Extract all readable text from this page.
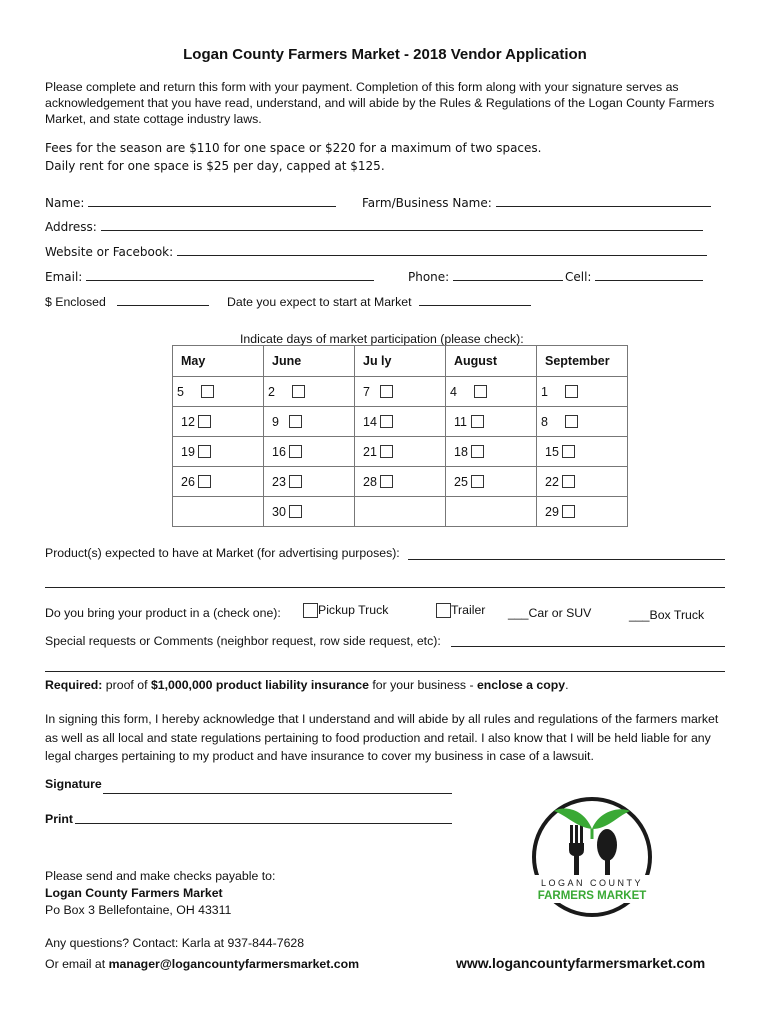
Logan County Farmers Market - 2018 Vendor Application
Please complete and return this form with your payment. Completion of this form along with your signature serves as acknowledgement that you have read, understand, and will abide by the Rules & Regulations of the Logan County Farmers Market, and state cottage industry laws.
Fees for the season are $110 for one space or $220 for a maximum of two spaces.
Daily rent for one space is $25 per day, capped at $125.
Name:	Farm/Business Name:
Address:
Website or Facebook:
Email:	Phone:	Cell:
$ Enclosed	Date you expect to start at Market
Indicate days of market participation (please check):
May	June	Ju ly	August	September
5	2	7	4	1
12	9	14	11	8
19	16	21	18	15
26	23	28	25	22
	30			29
Product(s) expected to have at Market (for advertising purposes):
Do you bring your product in a (check one):	Pickup Truck	Trailer ___Car or SUV	___Box Truck
Special requests or Comments (neighbor request, row side request, etc):
Required: proof of $1,000,000 product liability insurance for your business - enclose a copy.
In signing this form, I hereby acknowledge that I understand and will abide by all rules and regulations of the farmers market as well as all local and state regulations pertaining to food production and retail. I also know that I will be held liable for any legal charges pertaining to my product and have insurance to cover my business in case of a lawsuit.
Signature
Print
LOGAN COUNTY
FARMERS MARKET
Please send and make checks payable to:
Logan County Farmers Market
Po Box 3 Bellefontaine, OH 43311
Any questions? Contact: Karla at 937-844-7628
Or email at manager@logancountyfarmersmarket.com	www.logancountyfarmersmarket.com
